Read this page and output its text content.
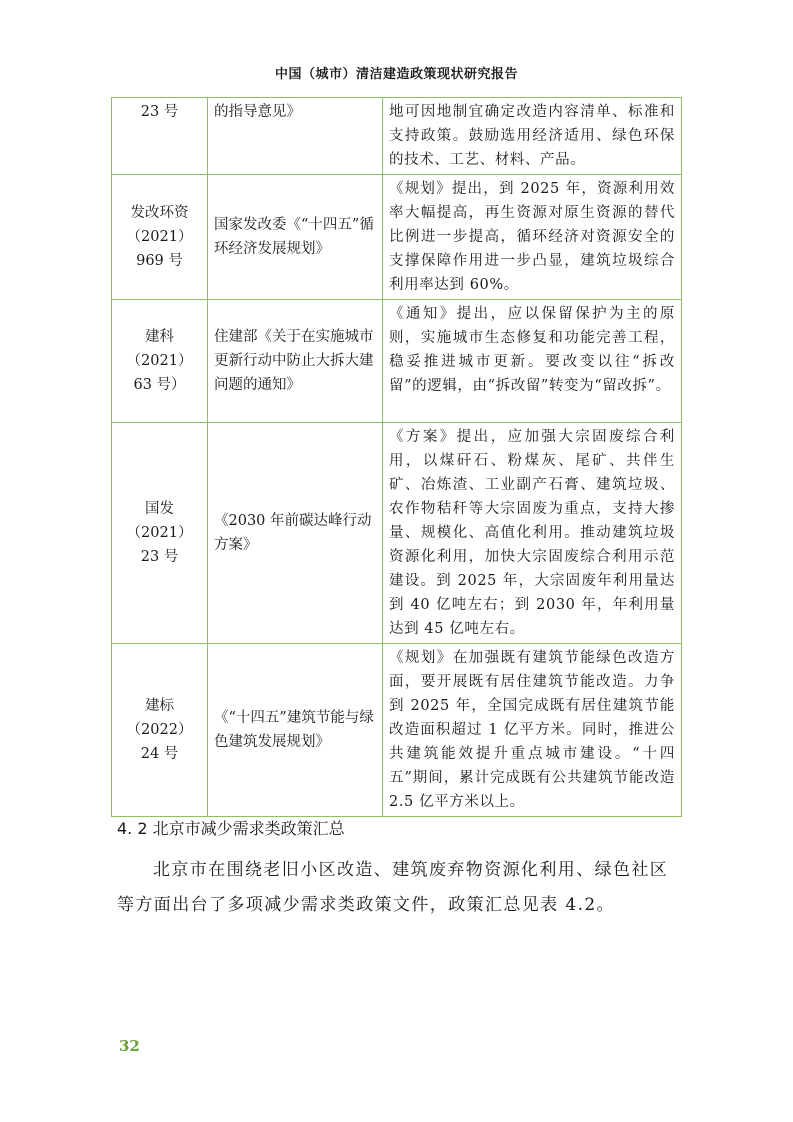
中国（城市）清洁建造政策现状研究报告
23 号	的指导意见》	地可因地制宜确定改造内容清单、标准和支持政策。鼓励选用经济适用、绿色环保的技术、工艺、材料、产品。

发改环资
（2021）
969 号	国家发改委《“十四五”循环经济发展规划》	《规划》提出，到 2025 年，资源利用效率大幅提高，再生资源对原生资源的替代比例进一步提高，循环经济对资源安全的支撑保障作用进一步凸显，建筑垃圾综合利用率达到 60%。

建科
（2021）
63 号）	住建部《关于在实施城市更新行动中防止大拆大建问题的通知》	《通知》提出，应以保留保护为主的原则，实施城市生态修复和功能完善工程，稳妥推进城市更新。要改变以往“拆改留”的逻辑，由“拆改留”转变为“留改拆”。

国发
（2021）
23 号	《2030 年前碳达峰行动方案》	《方案》提出，应加强大宗固废综合利用，以煤矸石、粉煤灰、尾矿、共伴生矿、冶炼渣、工业副产石膏、建筑垃圾、农作物秸秆等大宗固废为重点，支持大掺量、规模化、高值化利用。推动建筑垃圾资源化利用，加快大宗固废综合利用示范建设。到 2025 年，大宗固废年利用量达到 40 亿吨左右；到 2030 年，年利用量达到 45 亿吨左右。

建标
（2022）
24 号	《“十四五”建筑节能与绿色建筑发展规划》	《规划》在加强既有建筑节能绿色改造方面，要开展既有居住建筑节能改造。力争到 2025 年，全国完成既有居住建筑节能改造面积超过 1 亿平方米。同时，推进公共建筑能效提升重点城市建设。“十四五”期间，累计完成既有公共建筑节能改造 2.5 亿平方米以上。
4. 2 北京市减少需求类政策汇总
北京市在围绕老旧小区改造、建筑废弃物资源化利用、绿色社区等方面出台了多项减少需求类政策文件，政策汇总见表 4.2。
32
